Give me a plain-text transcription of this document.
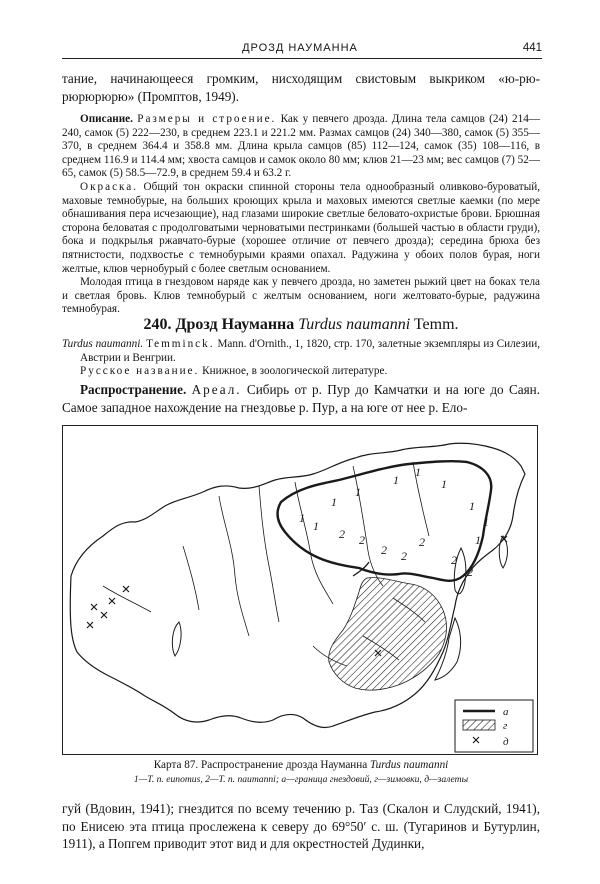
ДРОЗД НАУМАННА	441

тание, начинающееся громким, нисходящим свистовым выкриком «ю-рю-рюрюрюрю» (Промптов, 1949).

Описание. Размеры и строение. Как у певчего дрозда. Длина тела самцов (24) 214—240, самок (5) 222—230, в среднем 223.1 и 221.2 мм. Размах самцов (24) 340—380, самок (5) 355—370, в среднем 364.4 и 358.8 мм. Длина крыла самцов (85) 112—124, самок (35) 108—116, в среднем 116.9 и 114.4 мм; хвоста самцов и самок около 80 мм; клюв 21—23 мм; вес самцов (7) 52—65, самок (5) 58.5—72.9, в среднем 59.4 и 63.2 г.

Окраска. Общий тон окраски спинной стороны тела однообразный оливково-буроватый, маховые темнобурые, на больших кроющих крыла и маховых имеются светлые каемки (по мере обнашивания пера исчезающие), над глазами широкие светлые беловато-охристые брови. Брюшная сторона беловатая с продолговатыми черноватыми пестринками (большей частью в области груди), бока и подкрылья ржавчато-бурые (хорошее отличие от певчего дрозда); середина брюха без пятнистости, подхвостье с темнобурыми краями опахал. Радужина у обоих полов бурая, ноги желтые, клюв чернобурый с более светлым основанием.

Молодая птица в гнездовом наряде как у певчего дрозда, но заметен рыжий цвет на боках тела и светлая бровь. Клюв темнобурый с желтым основанием, ноги желтовато-бурые, радужина темнобурая.

240. Дрозд Науманна Turdus naumanni Temm.

Turdus naumanni. Temminck. Mann. d'Ornith., 1, 1820, стр. 170, залетные экземпляры из Силезии, Австрии и Венгрии.

Русское название. Книжное, в зоологической литературе.

Распространение. Ареал. Сибирь от р. Пур до Камчатки и на юге до Саян. Самое западное нахождение на гнездовье р. Пур, а на юге от нее р. Ело-

1
1
1
1
1
1
1
1
1
1
2 2
2 2
2
2
2
а
г
д
Карта 87. Распространение дрозда Науманна Turdus naumanni
1—T. n. eunomus, 2—T. n. naumanni; а—граница гнездовий, г—зимовки, д—залеты

гуй (Вдовин, 1941); гнездится по всему течению р. Таз (Скалон и Слудский, 1941), по Енисею эта птица прослежена к северу до 69°50′ с. ш. (Тугаринов и Бутурлин, 1911), а Попгем приводит этот вид и для окрестностей Дудинки,
